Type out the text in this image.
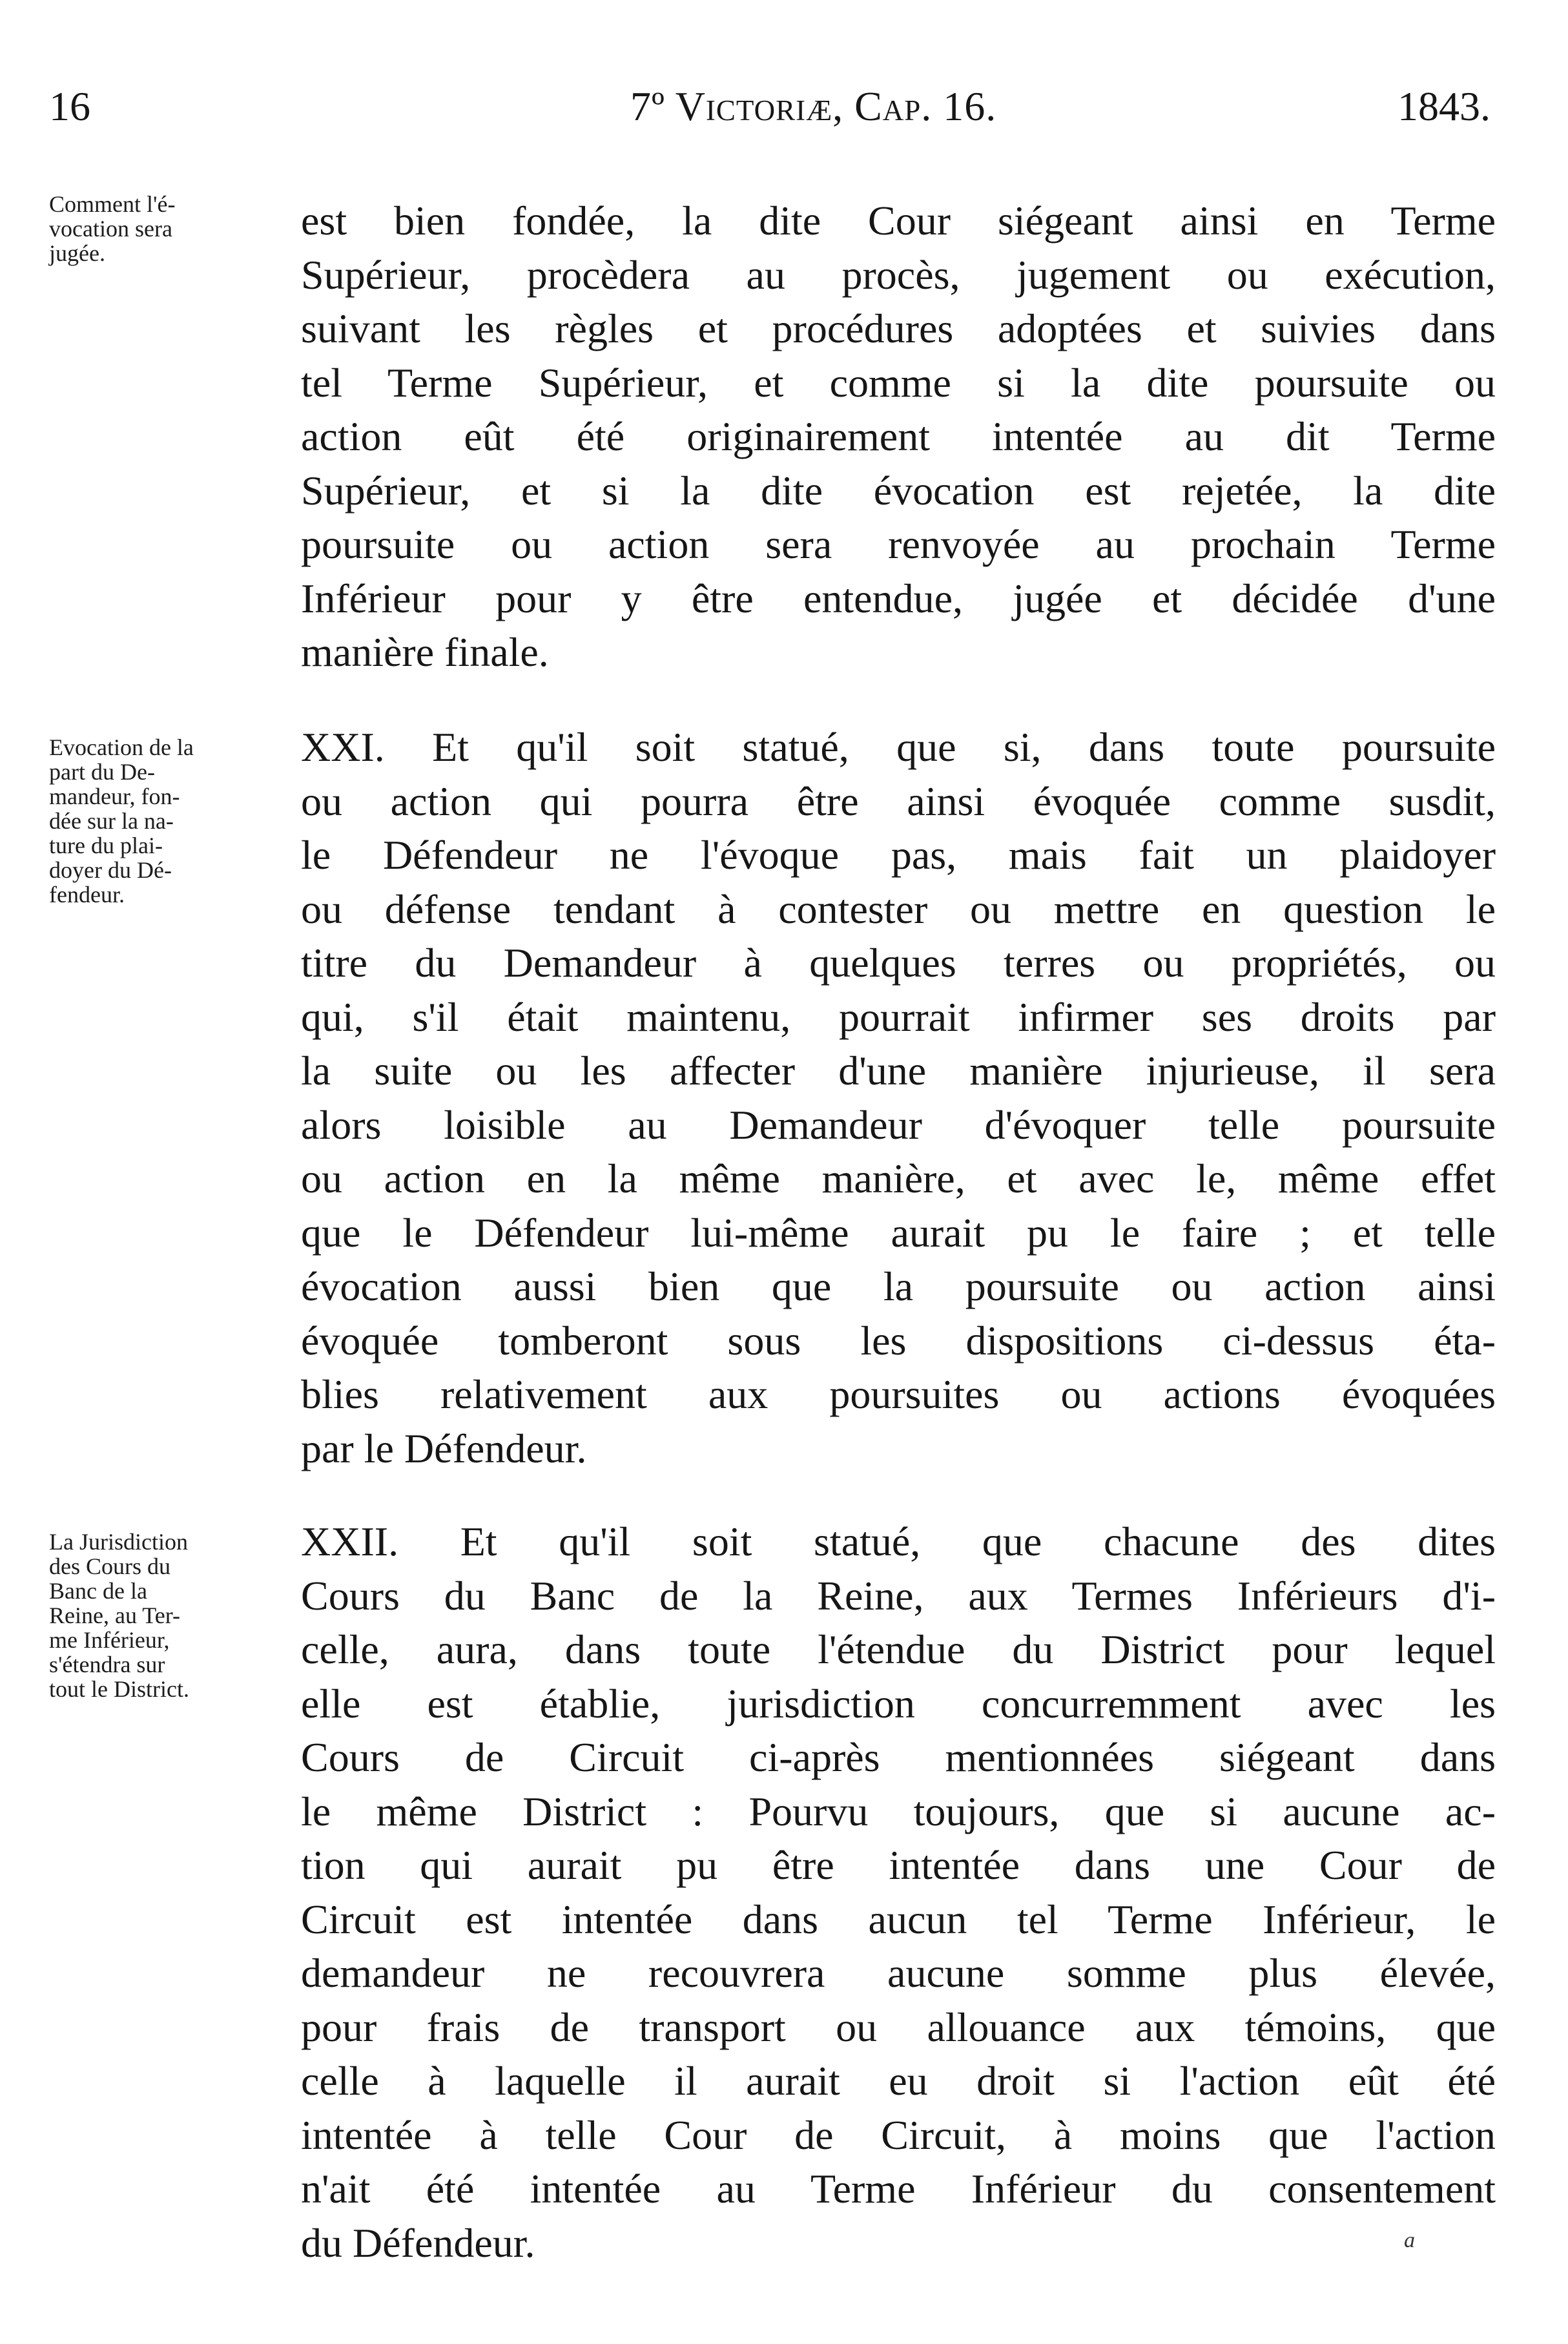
16	7º Victoriæ, Cap. 16.	1843.
Comment l'é-
vocation sera
jugée.
est bien fondée, la dite Cour siégeant ainsi en Terme
Supérieur, procèdera au procès, jugement ou exécution,
suivant les règles et procédures adoptées et suivies dans
tel Terme Supérieur, et comme si la dite poursuite ou
action eût été originairement intentée au dit Terme
Supérieur, et si la dite évocation est rejetée, la dite
poursuite ou action sera renvoyée au prochain Terme
Inférieur pour y être entendue, jugée et décidée d'une
manière finale.
Evocation de la
part du De-
mandeur, fon-
dée sur la na-
ture du plai-
doyer du Dé-
fendeur.
XXI. Et qu'il soit statué, que si, dans toute poursuite
ou action qui pourra être ainsi évoquée comme susdit,
le Défendeur ne l'évoque pas, mais fait un plaidoyer
ou défense tendant à contester ou mettre en question le
titre du Demandeur à quelques terres ou propriétés, ou
qui, s'il était maintenu, pourrait infirmer ses droits par
la suite ou les affecter d'une manière injurieuse, il sera
alors loisible au Demandeur d'évoquer telle poursuite
ou action en la même manière, et avec le, même effet
que le Défendeur lui-même aurait pu le faire ; et telle
évocation aussi bien que la poursuite ou action ainsi
évoquée tomberont sous les dispositions ci-dessus éta-
blies relativement aux poursuites ou actions évoquées
par le Défendeur.
La Jurisdiction
des Cours du
Banc de la
Reine, au Ter-
me Inférieur,
s'étendra sur
tout le District.
XXII. Et qu'il soit statué, que chacune des dites
Cours du Banc de la Reine, aux Termes Inférieurs d'i-
celle, aura, dans toute l'étendue du District pour lequel
elle est établie, jurisdiction concurremment avec les
Cours de Circuit ci-après mentionnées siégeant dans
le même District : Pourvu toujours, que si aucune ac-
tion qui aurait pu être intentée dans une Cour de
Circuit est intentée dans aucun tel Terme Inférieur, le
demandeur ne recouvrera aucune somme plus élevée,
pour frais de transport ou allouance aux témoins, que
celle à laquelle il aurait eu droit si l'action eût été
intentée à telle Cour de Circuit, à moins que l'action
n'ait été intentée au Terme Inférieur du consentement
du Défendeur.	a
